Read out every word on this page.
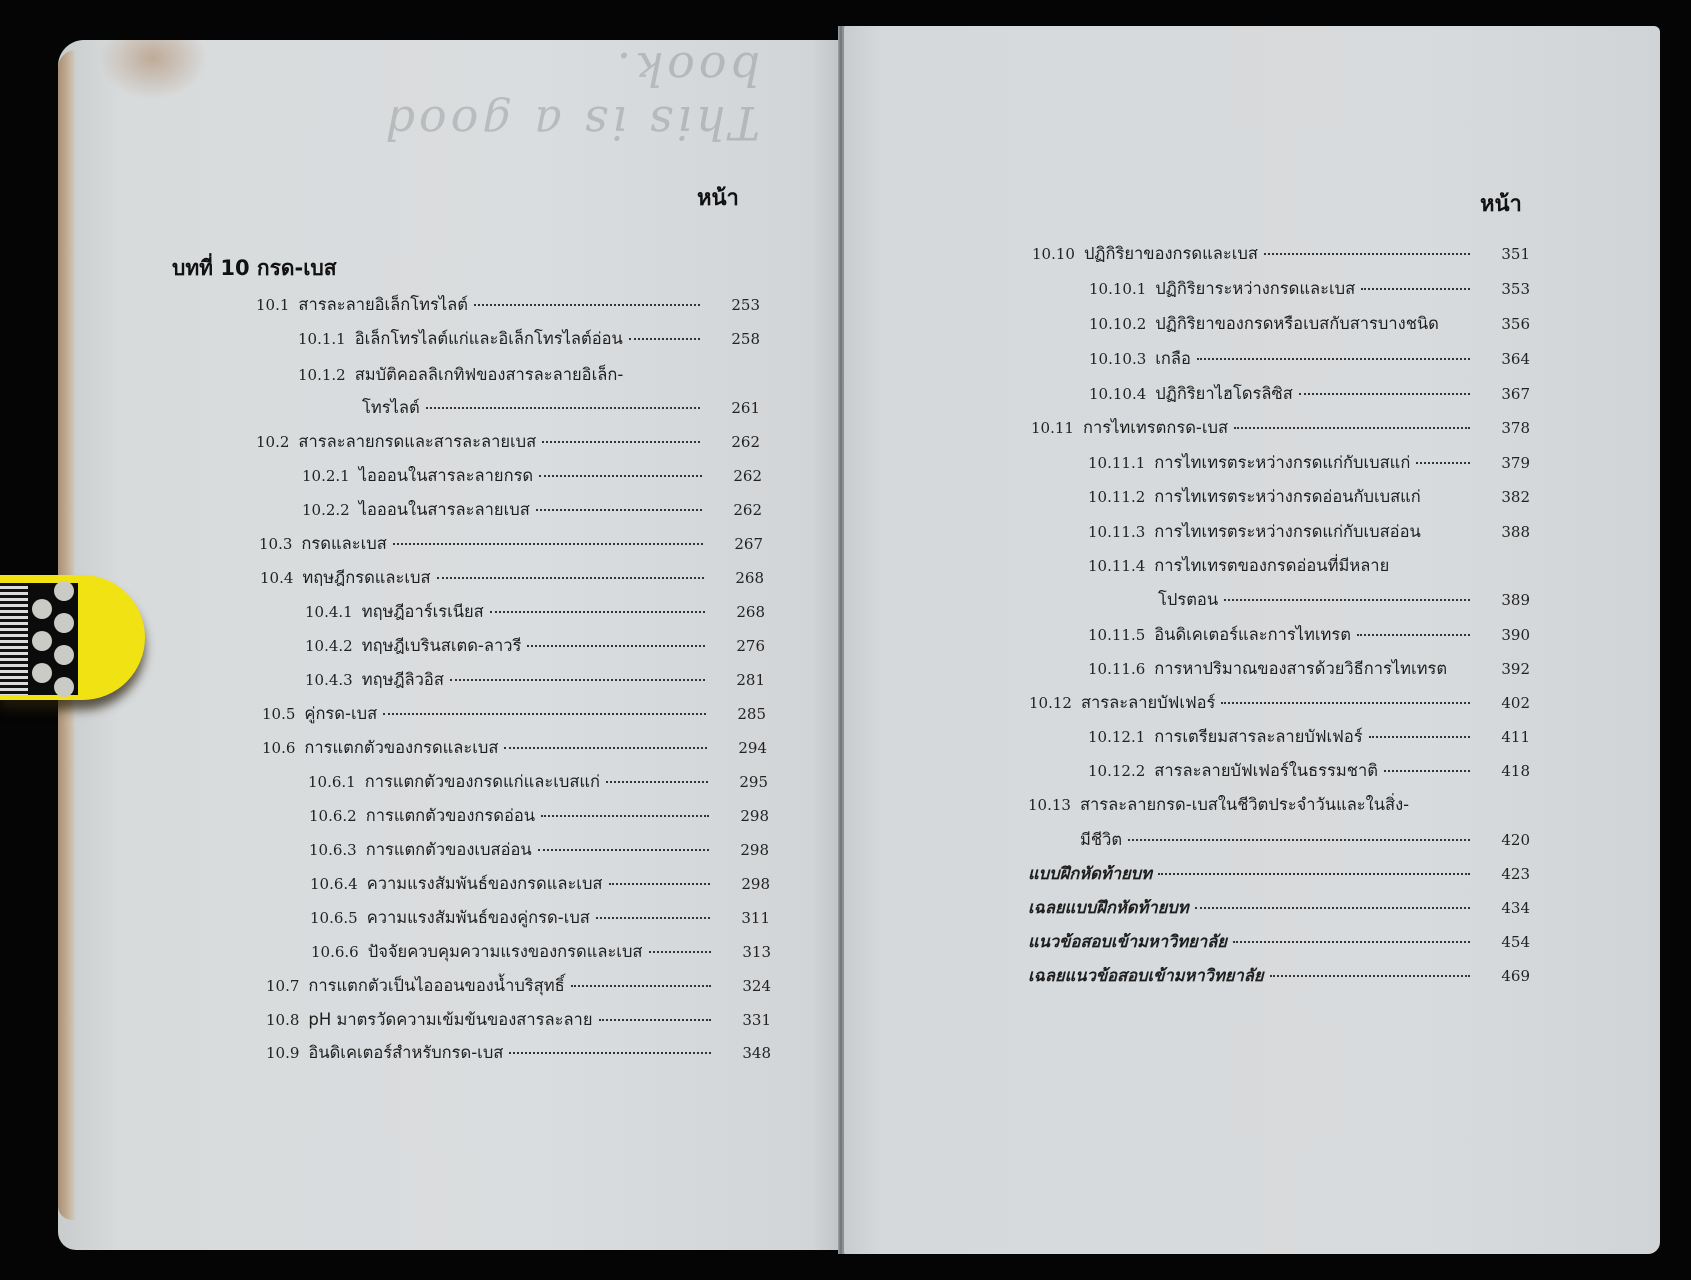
This is a good book.
หน้า
บทที่ 10 กรด-เบส
10.1 สารละลายอิเล็กโทรไลต์	253
10.1.1 อิเล็กโทรไลต์แก่และอิเล็กโทรไลต์อ่อน	258
10.1.2 สมบัติคอลลิเกทิฟของสารละลายอิเล็ก-
โทรไลต์	261
10.2 สารละลายกรดและสารละลายเบส	262
10.2.1 ไอออนในสารละลายกรด	262
10.2.2 ไอออนในสารละลายเบส	262
10.3 กรดและเบส	267
10.4 ทฤษฎีกรดและเบส	268
10.4.1 ทฤษฎีอาร์เรเนียส	268
10.4.2 ทฤษฎีเบรินสเตด-ลาวรี	276
10.4.3 ทฤษฎีลิวอิส	281
10.5 คู่กรด-เบส	285
10.6 การแตกตัวของกรดและเบส	294
10.6.1 การแตกตัวของกรดแก่และเบสแก่	295
10.6.2 การแตกตัวของกรดอ่อน	298
10.6.3 การแตกตัวของเบสอ่อน	298
10.6.4 ความแรงสัมพันธ์ของกรดและเบส	298
10.6.5 ความแรงสัมพันธ์ของคู่กรด-เบส	311
10.6.6 ปัจจัยควบคุมความแรงของกรดและเบส	313
10.7 การแตกตัวเป็นไอออนของน้ำบริสุทธิ์	324
10.8 pH มาตรวัดความเข้มข้นของสารละลาย	331
10.9 อินดิเคเตอร์สำหรับกรด-เบส	348
หน้า
10.10 ปฏิกิริยาของกรดและเบส	351
10.10.1 ปฏิกิริยาระหว่างกรดและเบส	353
10.10.2 ปฏิกิริยาของกรดหรือเบสกับสารบางชนิด	356
10.10.3 เกลือ	364
10.10.4 ปฏิกิริยาไฮโดรลิซิส	367
10.11 การไทเทรตกรด-เบส	378
10.11.1 การไทเทรตระหว่างกรดแก่กับเบสแก่	379
10.11.2 การไทเทรตระหว่างกรดอ่อนกับเบสแก่	382
10.11.3 การไทเทรตระหว่างกรดแก่กับเบสอ่อน	388
10.11.4 การไทเทรตของกรดอ่อนที่มีหลาย
โปรตอน	389
10.11.5 อินดิเคเตอร์และการไทเทรต	390
10.11.6 การหาปริมาณของสารด้วยวิธีการไทเทรต	392
10.12 สารละลายบัฟเฟอร์	402
10.12.1 การเตรียมสารละลายบัฟเฟอร์	411
10.12.2 สารละลายบัฟเฟอร์ในธรรมชาติ	418
10.13 สารละลายกรด-เบสในชีวิตประจำวันและในสิ่ง-
มีชีวิต	420
แบบฝึกหัดท้ายบท	423
เฉลยแบบฝึกหัดท้ายบท	434
แนวข้อสอบเข้ามหาวิทยาลัย	454
เฉลยแนวข้อสอบเข้ามหาวิทยาลัย	469
